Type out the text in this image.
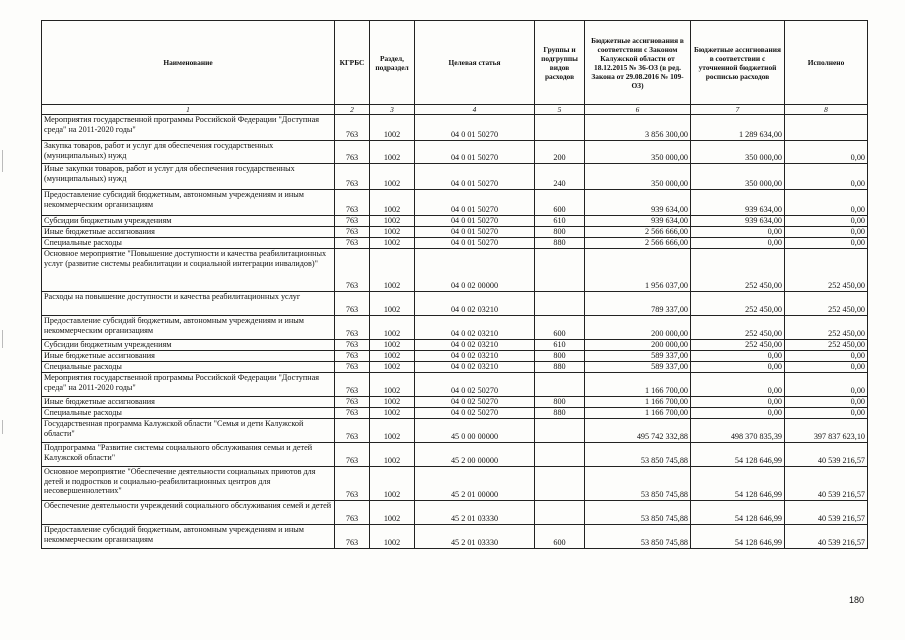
Наименование	КГРБС	Раздел, подраздел	Целевая статья	Группы и подгруппы видов расходов	Бюджетные ассигнования в соответствии с Законом Калужской области от 18.12.2015 № 36-ОЗ (в ред. Закона от 29.08.2016 № 109-ОЗ)	Бюджетные ассигнования в соответствии с уточненной бюджетной росписью расходов	Исполнено
1	2	3	4	5	6	7	8
Мероприятия государственной программы Российской Федерации "Доступная среда" на 2011-2020 годы"	763	1002	04 0 01 50270		3 856 300,00	1 289 634,00	
Закупка товаров, работ и услуг для обеспечения государственных (муниципальных) нужд	763	1002	04 0 01 50270	200	350 000,00	350 000,00	0,00
Иные закупки товаров, работ и услуг для обеспечения государственных (муниципальных) нужд	763	1002	04 0 01 50270	240	350 000,00	350 000,00	0,00
Предоставление субсидий бюджетным, автономным учреждениям и иным некоммерческим организациям	763	1002	04 0 01 50270	600	939 634,00	939 634,00	0,00
Субсидии бюджетным учреждениям	763	1002	04 0 01 50270	610	939 634,00	939 634,00	0,00
Иные бюджетные ассигнования	763	1002	04 0 01 50270	800	2 566 666,00	0,00	0,00
Специальные расходы	763	1002	04 0 01 50270	880	2 566 666,00	0,00	0,00
Основное мероприятие "Повышение доступности и качества реабилитационных услуг (развитие системы реабилитации и социальной интеграции инвалидов)"	763	1002	04 0 02 00000		1 956 037,00	252 450,00	252 450,00
Расходы на повышение доступности и качества реабилитационных услуг	763	1002	04 0 02 03210		789 337,00	252 450,00	252 450,00
Предоставление субсидий бюджетным, автономным учреждениям и иным некоммерческим организациям	763	1002	04 0 02 03210	600	200 000,00	252 450,00	252 450,00
Субсидии бюджетным учреждениям	763	1002	04 0 02 03210	610	200 000,00	252 450,00	252 450,00
Иные бюджетные ассигнования	763	1002	04 0 02 03210	800	589 337,00	0,00	0,00
Специальные расходы	763	1002	04 0 02 03210	880	589 337,00	0,00	0,00
Мероприятия государственной программы Российской Федерации "Доступная среда" на 2011-2020 годы"	763	1002	04 0 02 50270		1 166 700,00	0,00	0,00
Иные бюджетные ассигнования	763	1002	04 0 02 50270	800	1 166 700,00	0,00	0,00
Специальные расходы	763	1002	04 0 02 50270	880	1 166 700,00	0,00	0,00
Государственная программа Калужской области "Семья и дети Калужской области"	763	1002	45 0 00 00000		495 742 332,88	498 370 835,39	397 837 623,10
Подпрограмма "Развитие системы социального обслуживания семьи и детей Калужской области"	763	1002	45 2 00 00000		53 850 745,88	54 128 646,99	40 539 216,57
Основное мероприятие "Обеспечение деятельности социальных приютов для детей и подростков и социально-реабилитационных центров для несовершеннолетних"	763	1002	45 2 01 00000		53 850 745,88	54 128 646,99	40 539 216,57
Обеспечение деятельности учреждений социального обслуживания семей и детей	763	1002	45 2 01 03330		53 850 745,88	54 128 646,99	40 539 216,57
Предоставление субсидий бюджетным, автономным учреждениям и иным некоммерческим организациям	763	1002	45 2 01 03330	600	53 850 745,88	54 128 646,99	40 539 216,57
180
